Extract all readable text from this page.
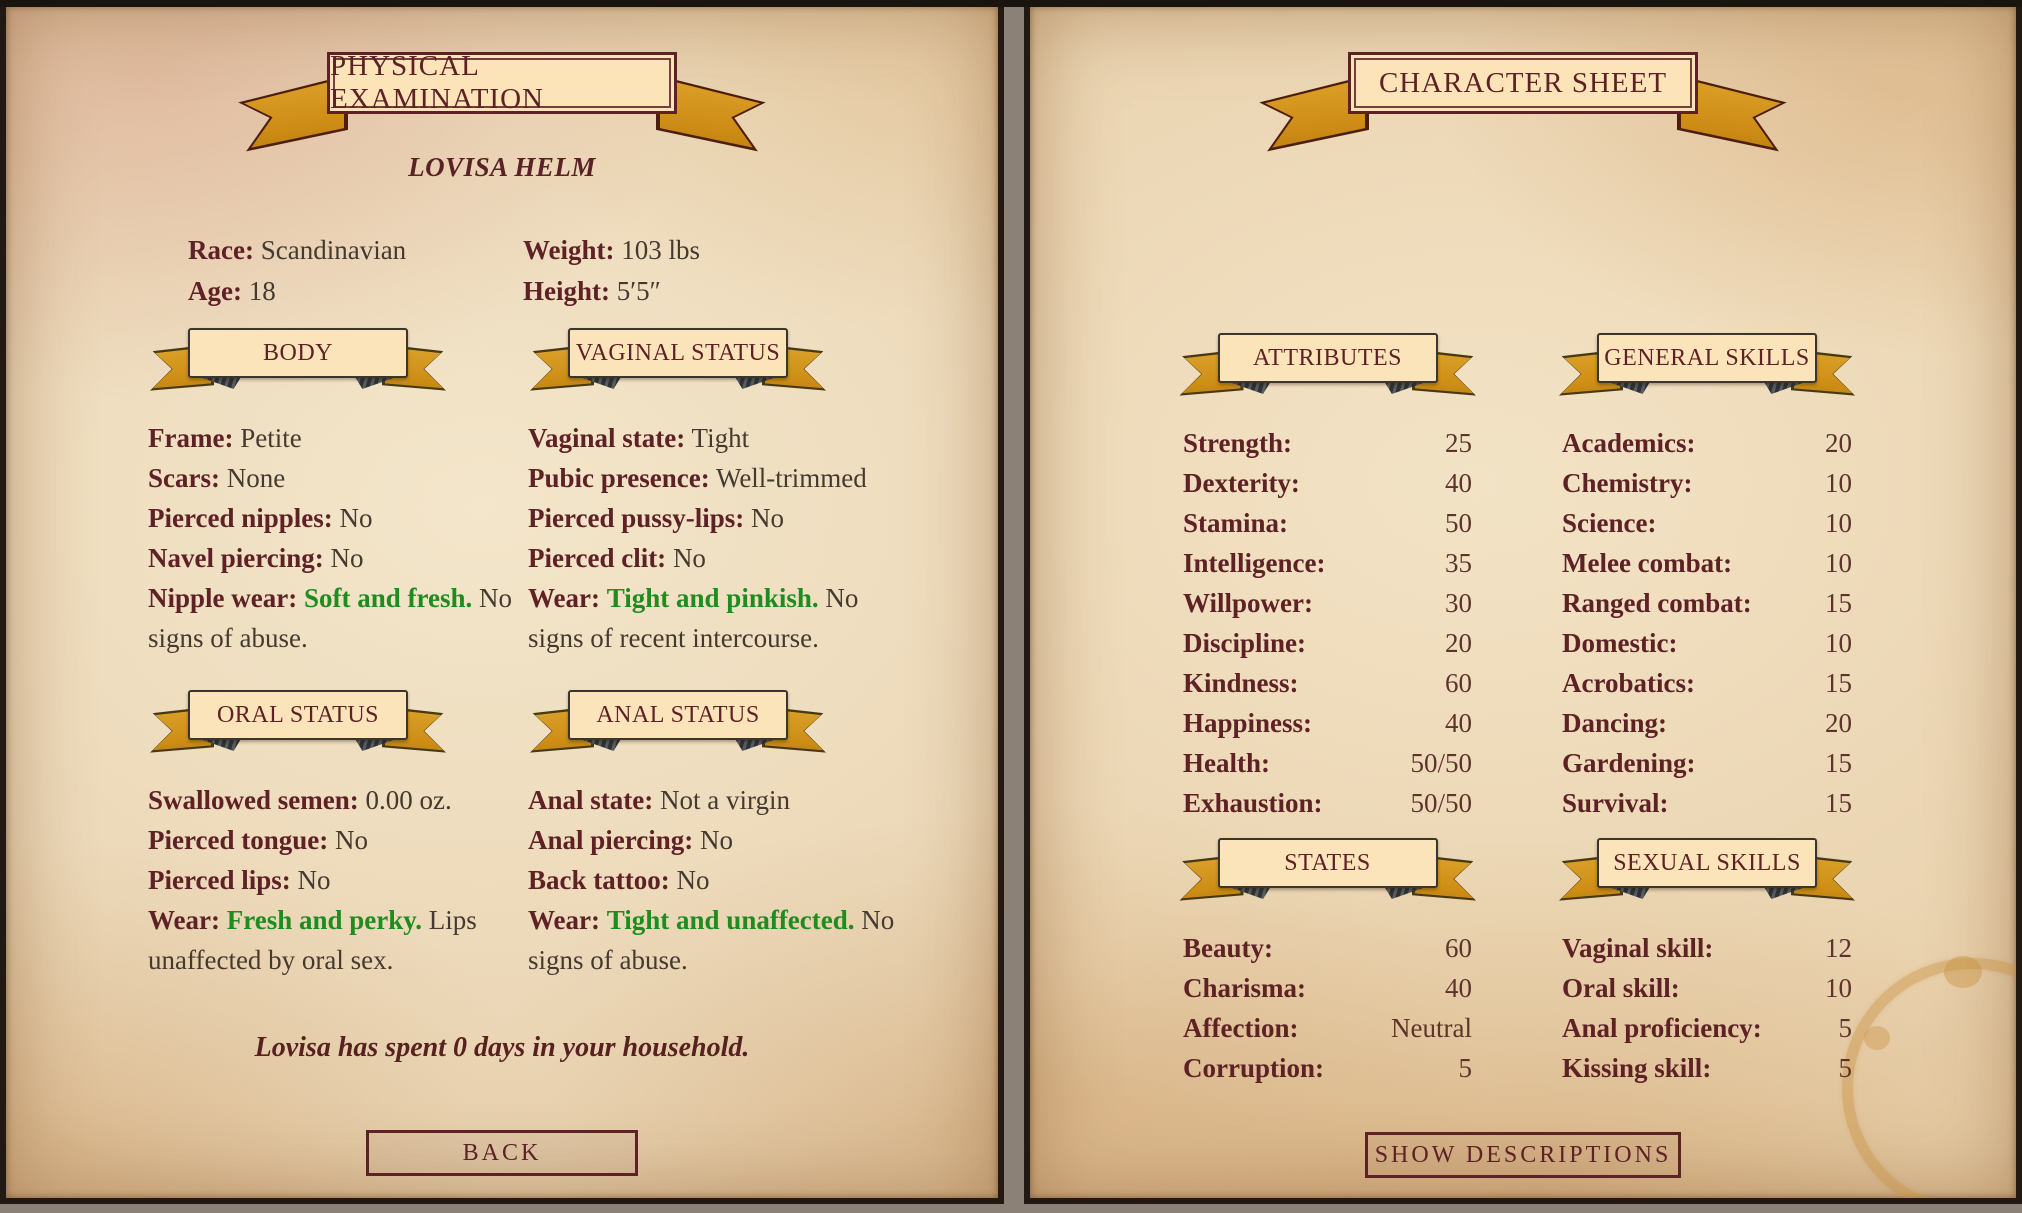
PHYSICAL EXAMINATION
LOVISA HELM
Race: Scandinavian
Age: 18
Weight: 103 lbs
Height: 5′5″
BODY
Frame: Petite
Scars: None
Pierced nipples: No
Navel piercing: No
Nipple wear: Soft and fresh. No signs of abuse.
VAGINAL STATUS
Vaginal state: Tight
Pubic presence: Well-trimmed
Pierced pussy-lips: No
Pierced clit: No
Wear: Tight and pinkish. No signs of recent intercourse.
ORAL STATUS
Swallowed semen: 0.00 oz.
Pierced tongue: No
Pierced lips: No
Wear: Fresh and perky. Lips unaffected by oral sex.
ANAL STATUS
Anal state: Not a virgin
Anal piercing: No
Back tattoo: No
Wear: Tight and unaffected. No signs of abuse.
Lovisa has spent 0 days in your household.
BACK
CHARACTER SHEET
ATTRIBUTES
Strength:	25
Dexterity:	40
Stamina:	50
Intelligence:	35
Willpower:	30
Discipline:	20
Kindness:	60
Happiness:	40
Health:	50/50
Exhaustion:	50/50
GENERAL SKILLS
Academics:	20
Chemistry:	10
Science:	10
Melee combat:	10
Ranged combat:	15
Domestic:	10
Acrobatics:	15
Dancing:	20
Gardening:	15
Survival:	15
STATES
Beauty:	60
Charisma:	40
Affection:	Neutral
Corruption:	5
SEXUAL SKILLS
Vaginal skill:	12
Oral skill:	10
Anal proficiency:	5
Kissing skill:	5
SHOW DESCRIPTIONS
